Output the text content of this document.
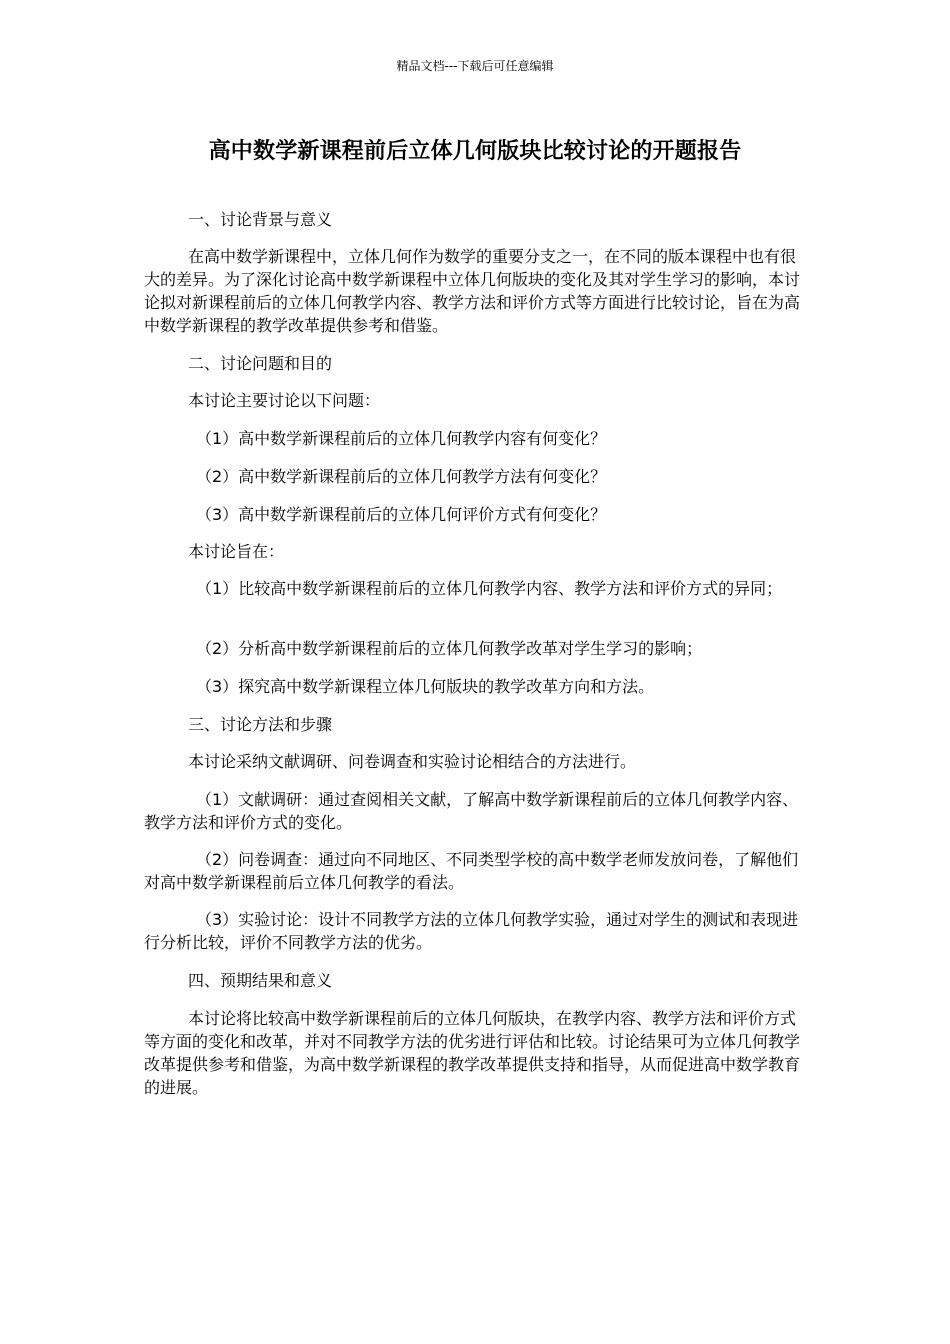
精品文档---下载后可任意编辑
高中数学新课程前后立体几何版块比较讨论的开题报告

一、讨论背景与意义

在高中数学新课程中，立体几何作为数学的重要分支之一，在不同的版本课程中也有很大的差异。为了深化讨论高中数学新课程中立体几何版块的变化及其对学生学习的影响，本讨论拟对新课程前后的立体几何教学内容、教学方法和评价方式等方面进行比较讨论，旨在为高中数学新课程的教学改革提供参考和借鉴。

二、讨论问题和目的

本讨论主要讨论以下问题：

（1）高中数学新课程前后的立体几何教学内容有何变化？

（2）高中数学新课程前后的立体几何教学方法有何变化？

（3）高中数学新课程前后的立体几何评价方式有何变化？

本讨论旨在：

（1）比较高中数学新课程前后的立体几何教学内容、教学方法和评价方式的异同；

（2）分析高中数学新课程前后的立体几何教学改革对学生学习的影响；

（3）探究高中数学新课程立体几何版块的教学改革方向和方法。

三、讨论方法和步骤

本讨论采纳文献调研、问卷调查和实验讨论相结合的方法进行。

（1）文献调研：通过查阅相关文献，了解高中数学新课程前后的立体几何教学内容、教学方法和评价方式的变化。

（2）问卷调查：通过向不同地区、不同类型学校的高中数学老师发放问卷，了解他们对高中数学新课程前后立体几何教学的看法。

（3）实验讨论：设计不同教学方法的立体几何教学实验，通过对学生的测试和表现进行分析比较，评价不同教学方法的优劣。

四、预期结果和意义

本讨论将比较高中数学新课程前后的立体几何版块，在教学内容、教学方法和评价方式等方面的变化和改革，并对不同教学方法的优劣进行评估和比较。讨论结果可为立体几何教学改革提供参考和借鉴，为高中数学新课程的教学改革提供支持和指导，从而促进高中数学教育的进展。
